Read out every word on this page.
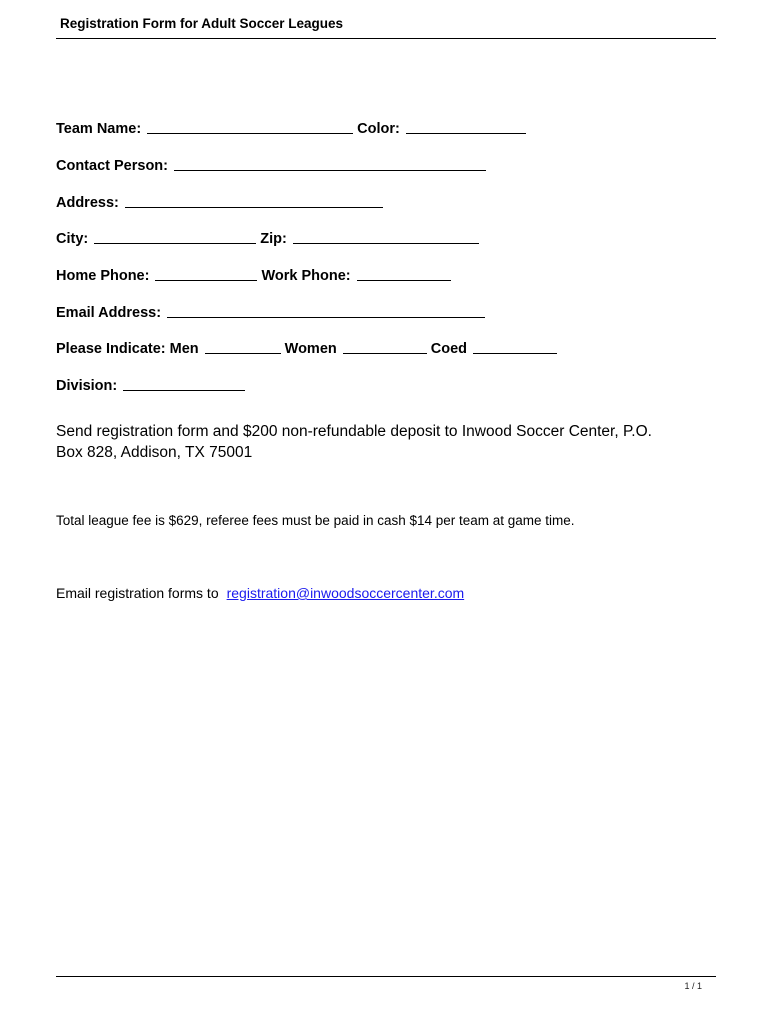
Registration Form for Adult Soccer Leagues
Team Name:	Color:
Contact Person:
Address:
City:	Zip:
Home Phone:	Work Phone:
Email Address:
Please Indicate: Men	Women	Coed
Division:
Send registration form and $200 non-refundable deposit to Inwood Soccer Center, P.O.
Box 828, Addison, TX 75001
Total league fee is $629, referee fees must be paid in cash $14 per team at game time.
Email registration forms to registration@inwoodsoccercenter.com
1 / 1
